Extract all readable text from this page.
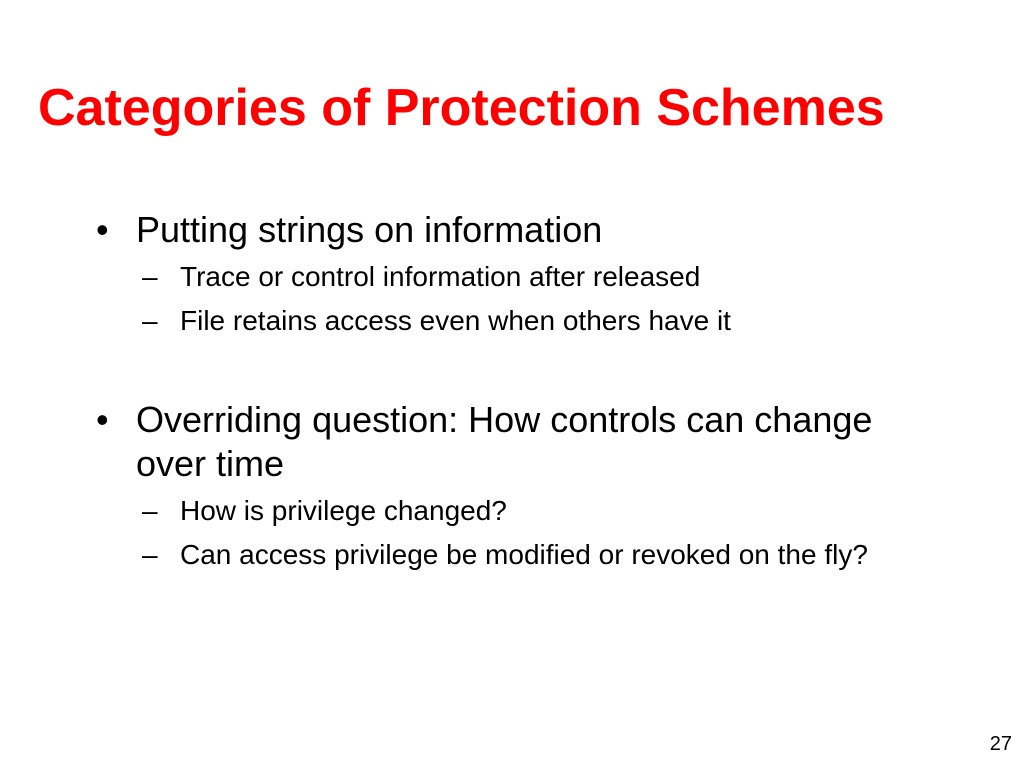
Categories of Protection Schemes

• Putting strings on information

– Trace or control information after released
– File retains access even when others have it

• Overriding question: How controls can change over time

– How is privilege changed?
– Can access privilege be modified or revoked on the fly?
27
